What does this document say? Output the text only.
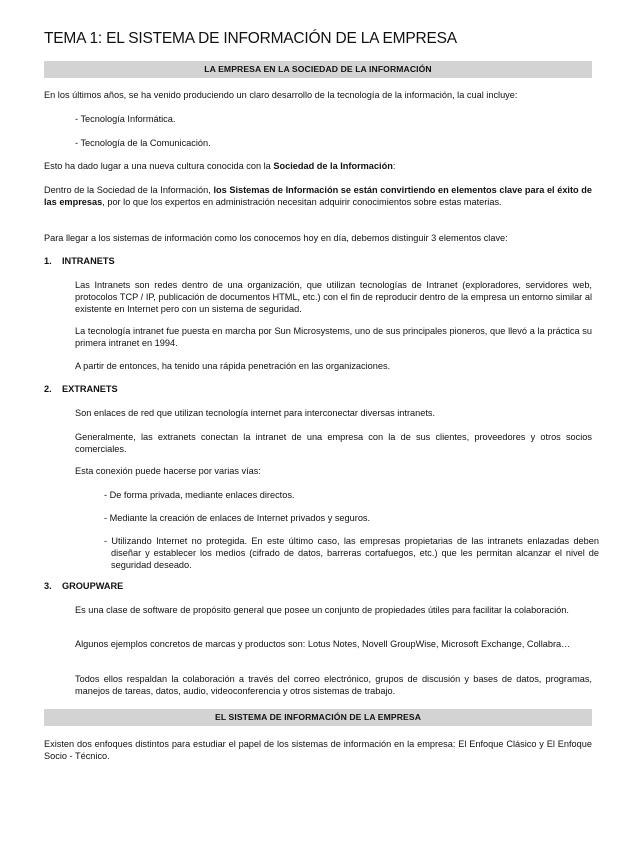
TEMA 1: EL SISTEMA DE INFORMACIÓN DE LA EMPRESA
LA EMPRESA EN LA SOCIEDAD DE LA INFORMACIÓN

En los últimos años, se ha venido produciendo un claro desarrollo de la tecnología de la información, la cual incluye:

- Tecnología Informática.

- Tecnología de la Comunicación.

Esto ha dado lugar a una nueva cultura conocida con la Sociedad de la Información:

Dentro de la Sociedad de la Información, los Sistemas de Información se están convirtiendo en elementos clave para el éxito de las empresas, por lo que los expertos en administración necesitan adquirir conocimientos sobre estas materias.

Para llegar a los sistemas de información como los conocemos hoy en día, debemos distinguir 3 elementos clave:

1. INTRANETS

Las Intranets son redes dentro de una organización, que utilizan tecnologías de Intranet (exploradores, servidores web, protocolos TCP / IP, publicación de documentos HTML, etc.) con el fin de reproducir dentro de la empresa un entorno similar al existente en Internet pero con un sistema de seguridad.

La tecnología intranet fue puesta en marcha por Sun Microsystems, uno de sus principales pioneros, que llevó a la práctica su primera intranet en 1994.

A partir de entonces, ha tenido una rápida penetración en las organizaciones.

2. EXTRANETS

Son enlaces de red que utilizan tecnología internet para interconectar diversas intranets.

Generalmente, las extranets conectan la intranet de una empresa con la de sus clientes, proveedores y otros socios comerciales.

Esta conexión puede hacerse por varias vías:

- De forma privada, mediante enlaces directos.

- Mediante la creación de enlaces de Internet privados y seguros.

- Utilizando Internet no protegida. En este último caso, las empresas propietarias de las intranets enlazadas deben diseñar y establecer los medios (cifrado de datos, barreras cortafuegos, etc.) que les permitan alcanzar el nivel de seguridad deseado.

3. GROUPWARE

Es una clase de software de propósito general que posee un conjunto de propiedades útiles para facilitar la colaboración.

Algunos ejemplos concretos de marcas y productos son: Lotus Notes, Novell GroupWise, Microsoft Exchange, Collabra…

Todos ellos respaldan la colaboración a través del correo electrónico, grupos de discusión y bases de datos, programas, manejos de tareas, datos, audio, videoconferencia y otros sistemas de trabajo.

EL SISTEMA DE INFORMACIÓN DE LA EMPRESA

Existen dos enfoques distintos para estudiar el papel de los sistemas de información en la empresa: El Enfoque Clásico y El Enfoque Socio - Técnico.
